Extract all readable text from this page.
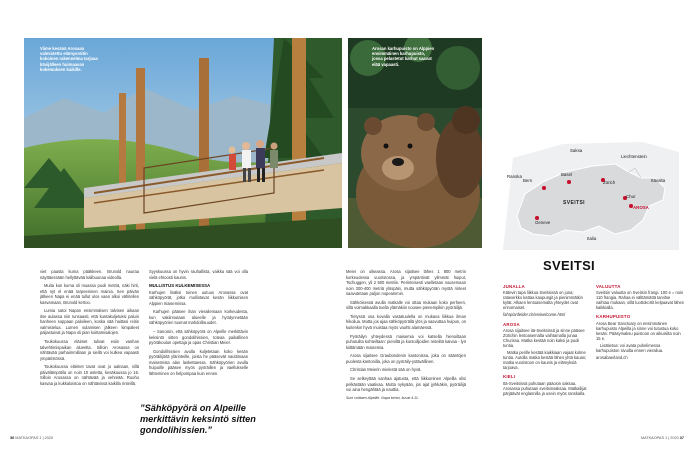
Viime kesänä Arosaan valmistettu elämysreitin kokoinen rakennelma tarjoaa kävijälleen huimaavan kokemuksen kaikille.
Arosan karhupuisto on Alppien ensimmäinen karhupuisto, jossa pelastetut karhut saavat elää vapaasti.

viet paasta kuma pääkkeen. Brunold nauraa näyttäessään hellyttävää kalibuunaa videolla.

Muita kun kuma oli muassa puoli metriä, näki hirti, että nyt el enää tarpeeninen mainia. Sen päivän jälkeen Napa ei enää tullut ulos vaan alkoi vähitellen kasvamaan, Brunold kertoo.

Lumia satoi Napan ensimmäisen talvisen aikaan itse aulassa niin runsaasti, että kuntakuljetuksi paluin hanheen soppaan paloileen, koska sää haittasi reitin valmistelua. Lumen sulamisen jälkeen kimpaleet paljastuivat ja Napa oli pian koittamisalojen.

Toukokuussa eläimet tulivat esiin vanhan talvehtimispaikan alueelta. Silloin Arosassa on nähtävää parhaimmillaan ja siellä voi kulkea vapaasti ympäristössä.

Toukokuussa eläimet tavat ovat jo aalnaan, sillä päivälämpötila on noin 10 astetta, kesäkuussa jo 16. Silloin Arosassa on nähtävää ja vehreää. Ruoho kasvaa ja kukkaloistoa on nähtävissä kaikilla rinteillä.

Syyskuussa on hyvin rauhallista, vaikka sää voi olla vielä ehtoosti kaunis.

MULLISTUS KULKEMISESSA

Karhujen lisäksi toinen uutuus Arosassa ovat sähköpyörät, jotka mullistavat kesän liikkumisen Alppien maisemissa.

Karhujen pääsee ihan vierailemaan korkeudesta, kun vakiinnutaan alueelle ja hyödynnetään sähköpyörien tuomat mahdollisuudet.

– Sanoisin, että sähköpyörä on Alpeille merkittävin keksintö sitten gondolihissien, toteaa paikallinen pyöräkoulun opettaja ja opas Christian Meier.

Gondolihissien avulla kuljetetaan koko kesän pyöräilijöitä ylärinteille, joista he pääsevät nauttimaan maisemista alas laskettaessa. Sähköpyörien avulla huipuille pääsee myös pyöräillen ja vaellukselle lähteminen on helpompaa kuin ennen.

”Sähköpyörä on Alpeille merkittävin keksintö sitten gondolihissien.”

Meier on oikeassa. Arosa sijaitsee lähes 1 800 metrin korkeudessa vuoristossa, ja ympäröivät ylimmät huiput, Tschuggen, yli 2 500 metriin. Perinteisesti vaelletaan nousemaan noin 300-400 metriä ylöspäin, mutta sähköpyörän myötä rinteet saavutetaan paljon nopeammin.

Sähköisessä avulla matkalle voi ottaa mukaan koko perheen, sillä voimakkaalla tuella ylämäkiin nousee pienempikin pyöräilijä.

Tietyssä osa kovalla vastatuulella on mukava liikkua ilman hikoilua. Mutta jos ajaa sähköpyörällä ylös ja saavuttaa huipun, on kuitenkin hyvä muistaa myös vauhti alamäessä.

Pyöräilyn yhteydessä maisemia voi katsella hienoiltaan puhutuilta kohteiltaan: pieniltä ja kuntoilijoiden reiteiltä kaivaa - lyö kiittämään maisemia.

Arosa sijaitsee Graubündenin kantonissa, joka on sääntöjen puolesta kantonilla, joka on pyöräily-ystävällinen.

Christian Meierin mielestä sää on hyvä.

Se selkeyttää vanhaa ajatusta, että liikkuminen Alpeilla olisi pelkästään vaativaa. Mutta nykyään, jos ajat jyrkkäkin, pyöräilijä voi aina hengähtää ja nauttia.

Suni voittaen Alpeille. Napa kertoi, kuvat 4.11.

Saksa
Ranska
Liechtenstein
Itävalta
Basel
Bern	Zürich
Chur
AROSA
SVEITSI
Geneve
Italia
SVEITSI
JUNALLA

Kätevin tapa liikkua Sveitsissä on juna; rataverkko kattaa kaupungit ja pienimmätkin kylät. Alkaen lentoasemalta yhteydet ovat erinomaiset.

fahrplanfelder.ch/en/welcome.html

AROSA

Arosa sijaitsee itä-Sveitsissä ja sinne pääsee Zürichin lentoasemalta vaihtamalla junaa Churissa. Matka kestää noin kaksi ja puoli tuntia.

Matka perille kestää kaikkiaan vajaat kolme tuntia. Autolla matka kestää lähes yhtä kauan; matka vuoristoon on kaunis ja elämyksiä tarjoava.

KIELI

Itä-Sveitsissä puhutaan pääosin saksaa. Arosassa puhutaan sveitsinsaksaa. Matkailijat pärjäävät englannilla ja usein myös ranskalla.

VALUUTTA

Sveitsin valuutta on Sveitsin frangi. 100 e = noin 110 frangia. Rahaa ei välttämättä tarvitse vaihtaa mukaan, sillä luottokortit kelpaavat lähes kaikkialla.

KARHUPUISTO

Arosa Bear Sanctuary on ensimmäinen karhupuisto Alpeilla ja sinne voi tutustua koko kesän. Pääsymaksu puistoon on aikuisilta noin 15 e.

Lisätietoa: voi avata puhelimessa karhupuiston sivuilta ennen vierailua.

arosabaerland.ch

36 MATKAOPAS 1 | 2020	MATKAOPAS 1 | 2020 37
